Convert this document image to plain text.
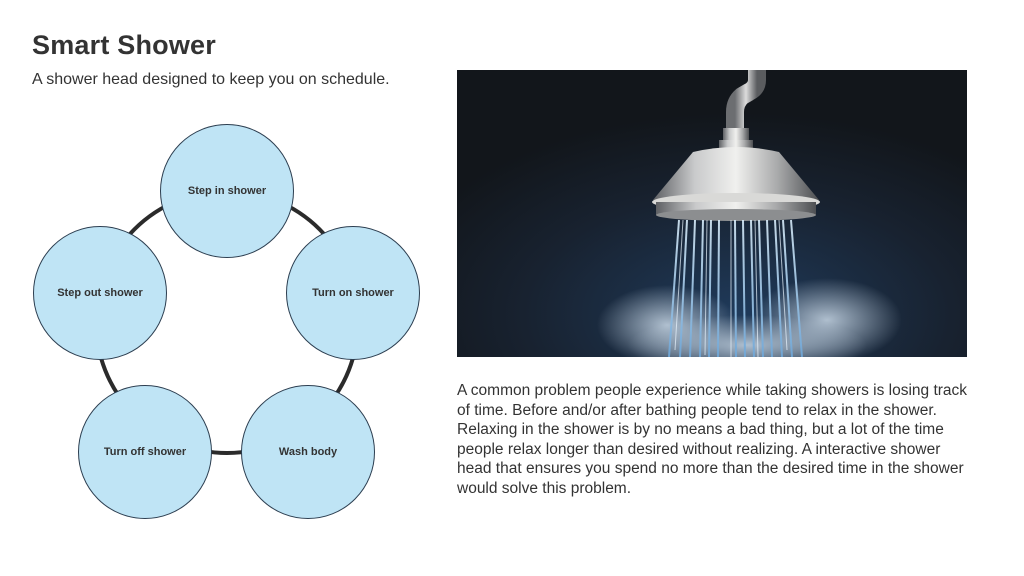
Smart Shower
A shower head designed to keep you on schedule.
Step in shower
Turn on shower
Wash body
Turn off shower
Step out shower
A common problem people experience while taking showers is losing track of time. Before and/or after bathing people tend to relax in the shower. Relaxing in the shower is by no means a bad thing, but a lot of the time people relax longer than desired without realizing. A interactive shower head that ensures you spend no more than the desired time in the shower would solve this problem.
